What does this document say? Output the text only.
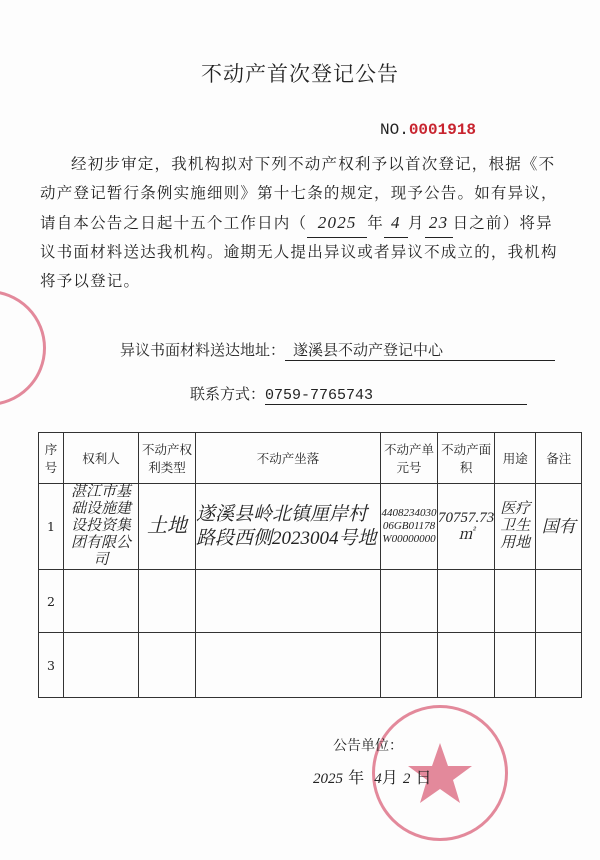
不动产首次登记公告
NO.0001918
经初步审定，我机构拟对下列不动产权利予以首次登记，根据《不动产登记暂行条例实施细则》第十七条的规定，现予公告。如有异议，请自本公告之日起十五个工作日内（ 2025 年 4 月 23 日之前）将异议书面材料送达我机构。逾期无人提出异议或者异议不成立的，我机构将予以登记。
异议书面材料送达地址： 遂溪县不动产登记中心
联系方式：0759-7765743
序号	权利人	不动产权利类型	不动产坐落	不动产单元号	不动产面 积	用途	备注
1	湛江市基础设施建设投资集团有限公司	土地	遂溪县岭北镇厘岸村路段西侧2023004号地	440823403006GB01178W00000000	70757.73㎡	医疗卫生用地	国有
2							
3							
公告单位：
2025 年 4月 2 日
